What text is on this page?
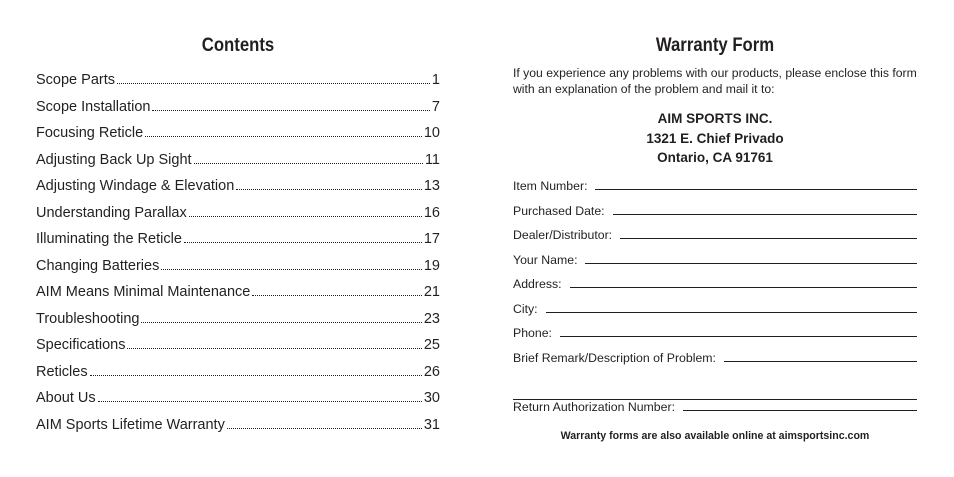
Contents
Scope Parts	1
Scope Installation	7
Focusing Reticle	10
Adjusting Back Up Sight	11
Adjusting Windage & Elevation	13
Understanding Parallax	16
Illuminating the Reticle	17
Changing Batteries	19
AIM Means Minimal Maintenance	21
Troubleshooting	23
Specifications	25
Reticles	26
About Us	30
AIM Sports Lifetime Warranty	31
Warranty Form
If you experience any problems with our products, please enclose this form
with an explanation of the problem and mail it to:
AIM SPORTS INC.
1321 E. Chief Privado
Ontario, CA 91761
Item Number:
Purchased Date:
Dealer/Distributor:
Your Name:
Address:
City:
Phone:
Brief Remark/Description of Problem:
Return Authorization Number:
Warranty forms are also available online at aimsportsinc.com
